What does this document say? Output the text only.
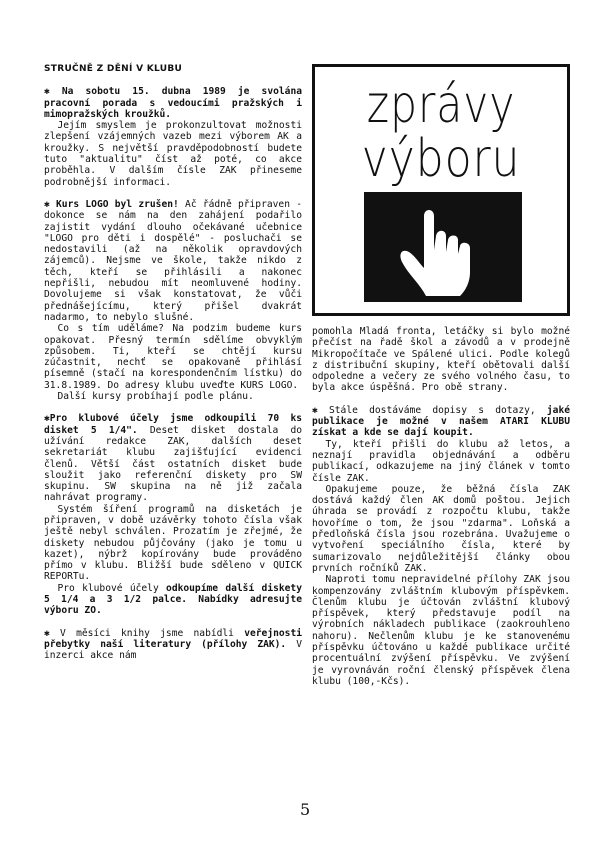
STRUČNĚ Z DĚNÍ V KLUBU

✱ Na sobotu 15. dubna 1989 je svolána pracovní porada s vedoucími pražských i mimopražských kroužků.

Jejím smyslem je prokonzultovat možnosti zlepšení vzájemných vazeb mezi výborem AK a kroužky. S největší pravděpodobností budete tuto "aktualitu" číst až poté, co akce proběhla. V dalším čísle ZAK přineseme podrobnější informaci.

✱ Kurs LOGO byl zrušen! Ač řádně připraven - dokonce se nám na den zahájení podařilo zajistit vydání dlouho očekávané učebnice "LOGO pro děti i dospělé" - posluchači se nedostavili (až na několik opravdových zájemců). Nejsme ve škole, takže nikdo z těch, kteří se přihlásili a nakonec nepřišli, nebudou mít neomluvené hodiny. Dovolujeme si však konstatovat, že vůči přednášejícímu, který přišel dvakrát nadarmo, to nebylo slušné.

Co s tím uděláme? Na podzim budeme kurs opakovat. Přesný termín sdělíme obvyklým způsobem. Ti, kteří se chtějí kursu zúčastnit, nechť se opakovaně přihlásí písemně (stačí na korespondenčním lístku) do 31.8.1989. Do adresy klubu uveďte KURS LOGO.

Další kursy probíhají podle plánu.

✱Pro klubové účely jsme odkoupili 70 ks disket 5 1/4". Deset disket dostala do užívání redakce ZAK, dalších deset sekretariát klubu zajišťující evidenci členů. Větší část ostatních disket bude sloužit jako referenční diskety pro SW skupinu. SW skupina na ně již začala nahrávat programy.

Systém šíření programů na disketách je připraven, v době uzávěrky tohoto čísla však ještě nebyl schválen. Prozatím je zřejmé, že diskety nebudou půjčovány (jako je tomu u kazet), nýbrž kopírovány bude prováděno přímo v klubu. Bližší bude sděleno v QUICK REPORTu.

Pro klubové účely odkoupíme další diskety 5 1/4 a 3 1/2 palce. Nabídky adresujte výboru ZO.

✱ V měsíci knihy jsme nabídli veřejnosti přebytky naší literatury (přílohy ZAK). V inzerci akce nám

zprávy
výboru

pomohla Mladá fronta, letáčky si bylo možné přečíst na řadě škol a závodů a v prodejně Mikropočítače ve Spálené ulici. Podle kolegů z distribuční skupiny, kteří obětovali další odpoledne a večery ze svého volného času, to byla akce úspěšná. Pro obě strany.

✱ Stále dostáváme dopisy s dotazy, jaké publikace je možné v našem ATARI KLUBU získat a kde se dají koupit.

Ty, kteří přišli do klubu až letos, a neznají pravidla objednávání a odběru publikací, odkazujeme na jiný článek v tomto čísle ZAK.

Opakujeme pouze, že běžná čísla ZAK dostává každý člen AK domů poštou. Jejich úhrada se provádí z rozpočtu klubu, takže hovoříme o tom, že jsou "zdarma". Loňská a předloňská čísla jsou rozebrána. Uvažujeme o vytvoření speciálního čísla, které by sumarizovalo nejdůležitější články obou prvních ročníků ZAK.

Naproti tomu nepravidelné přílohy ZAK jsou kompenzovány zvláštním klubovým příspěvkem. Členům klubu je účtován zvláštní klubový příspěvek, který představuje podíl na výrobních nákladech publikace (zaokrouhleno nahoru). Nečlenům klubu je ke stanovenému příspěvku účtováno u každé publikace určité procentuální zvýšení příspěvku. Ve zvýšení je vyrovnáván roční členský příspěvek člena klubu (100,-Kčs).

5
